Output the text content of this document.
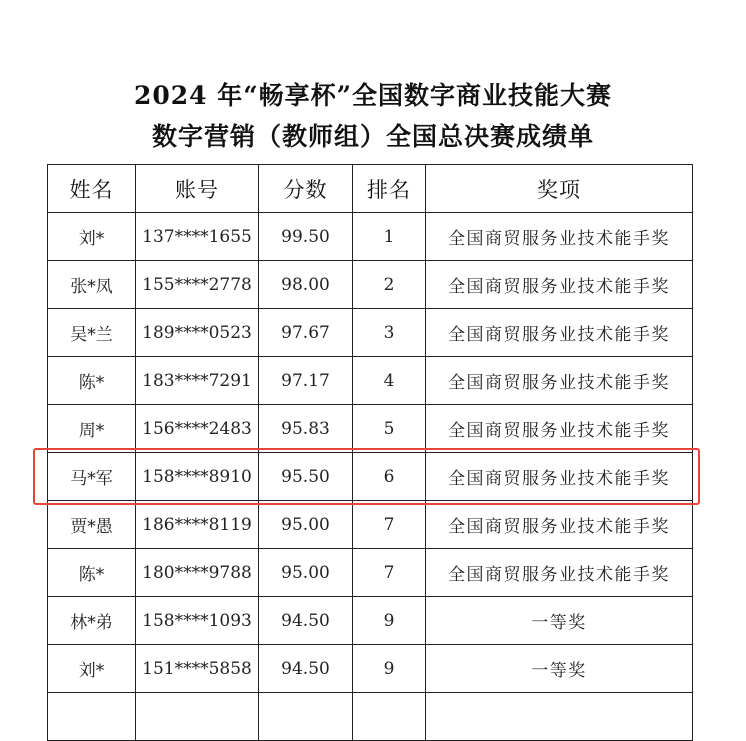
2024 年“畅享杯”全国数字商业技能大赛
数字营销（教师组）全国总决赛成绩单
姓名	账号	分数	排名	奖项
刘*	137****1655	99.50	1	全国商贸服务业技术能手奖
张*凤	155****2778	98.00	2	全国商贸服务业技术能手奖
吴*兰	189****0523	97.67	3	全国商贸服务业技术能手奖
陈*	183****7291	97.17	4	全国商贸服务业技术能手奖
周*	156****2483	95.83	5	全国商贸服务业技术能手奖
马*军	158****8910	95.50	6	全国商贸服务业技术能手奖
贾*愚	186****8119	95.00	7	全国商贸服务业技术能手奖
陈*	180****9788	95.00	7	全国商贸服务业技术能手奖
林*弟	158****1093	94.50	9	一等奖
刘*	151****5858	94.50	9	一等奖
